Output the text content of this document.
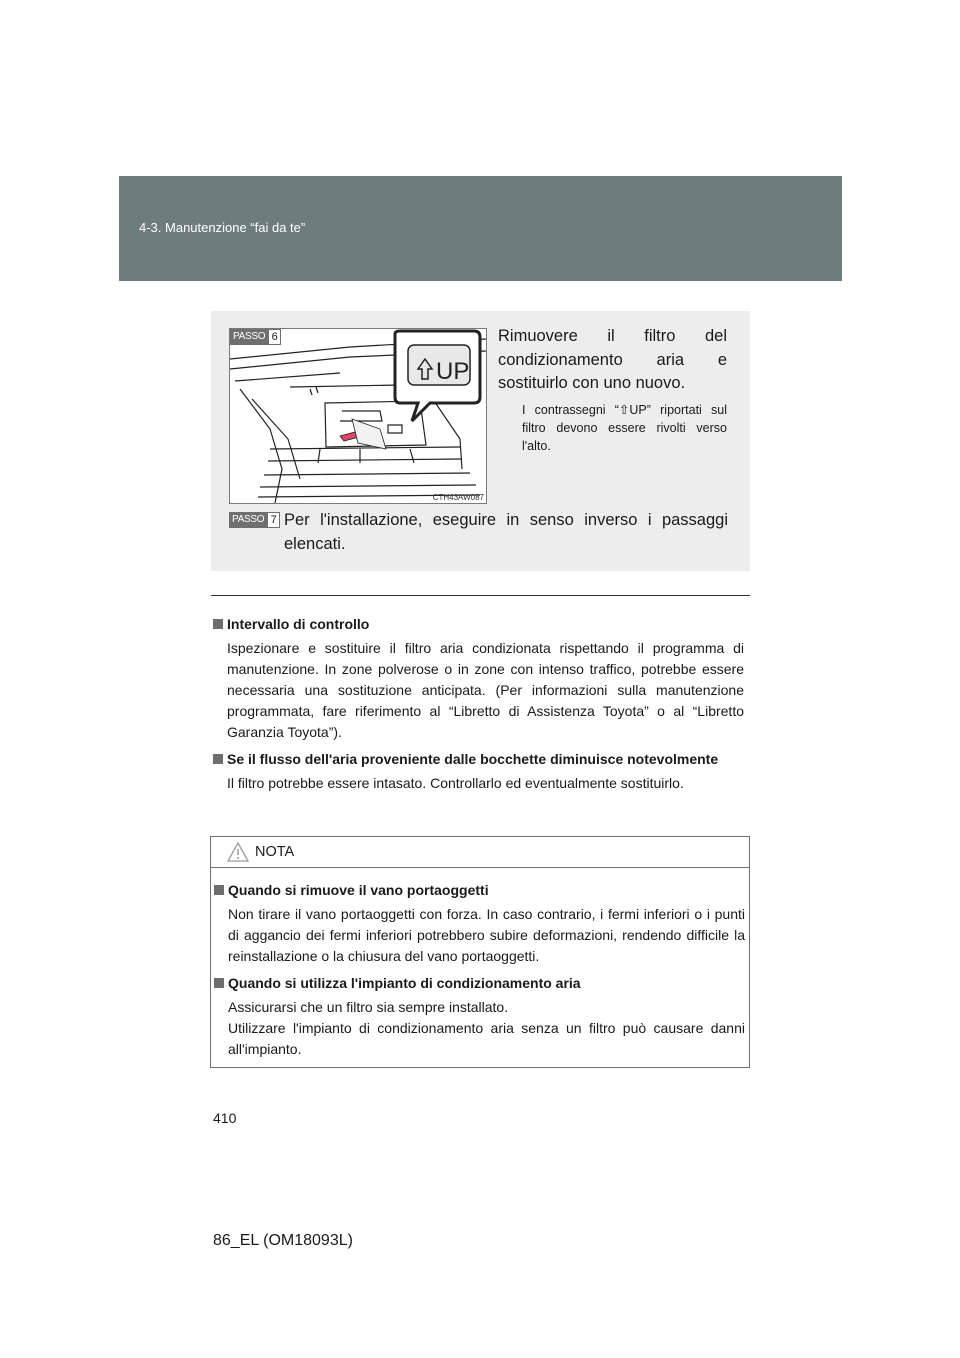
4-3. Manutenzione “fai da te”
PASSO 6
UP
CTH43AW087
Rimuovere il filtro del condizionamento aria e sostituirlo con uno nuovo.
I contrassegni “⇧UP” riportati sul filtro devono essere rivolti verso l'alto.
PASSO 7 Per l'installazione, eseguire in senso inverso i passaggi elencati.
Intervallo di controllo
Ispezionare e sostituire il filtro aria condizionata rispettando il programma di manutenzione. In zone polverose o in zone con intenso traffico, potrebbe essere necessaria una sostituzione anticipata. (Per informazioni sulla manutenzione programmata, fare riferimento al “Libretto di Assistenza Toyota” o al “Libretto Garanzia Toyota”).
Se il flusso dell'aria proveniente dalle bocchette diminuisce notevolmente
Il filtro potrebbe essere intasato. Controllarlo ed eventualmente sostituirlo.
NOTA
Quando si rimuove il vano portaoggetti
Non tirare il vano portaoggetti con forza. In caso contrario, i fermi inferiori o i punti di aggancio dei fermi inferiori potrebbero subire deformazioni, rendendo difficile la reinstallazione o la chiusura del vano portaoggetti.
Quando si utilizza l'impianto di condizionamento aria
Assicurarsi che un filtro sia sempre installato.
Utilizzare l'impianto di condizionamento aria senza un filtro può causare danni all'impianto.
410
86_EL (OM18093L)
